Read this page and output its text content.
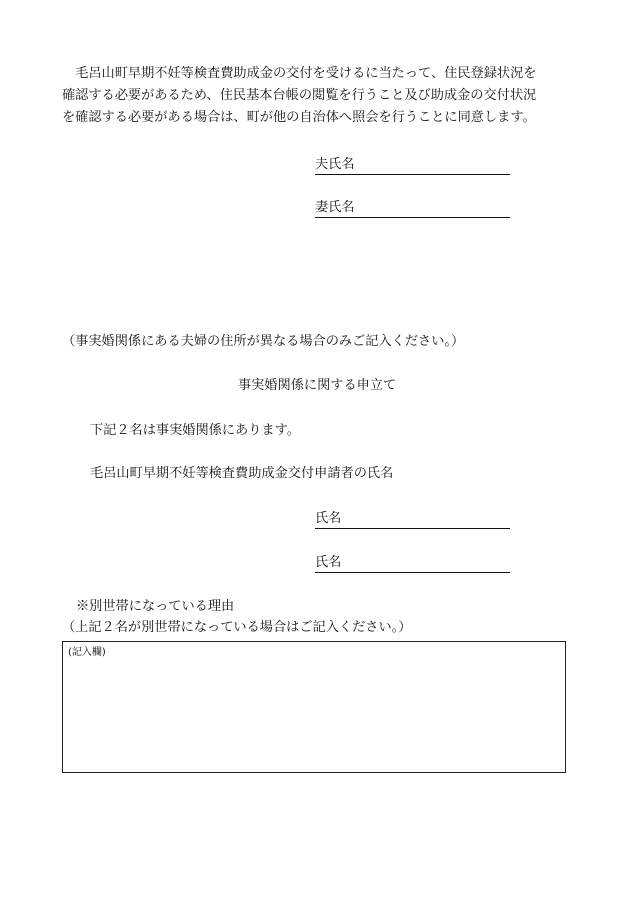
　毛呂山町早期不妊等検査費助成金の交付を受けるに当たって、住民登録状況を
確認する必要があるため、住民基本台帳の閲覧を行うこと及び助成金の交付状況
を確認する必要がある場合は、町が他の自治体へ照会を行うことに同意します。
夫氏名
妻氏名
（事実婚関係にある夫婦の住所が異なる場合のみご記入ください。）
事実婚関係に関する申立て
下記２名は事実婚関係にあります。
毛呂山町早期不妊等検査費助成金交付申請者の氏名
氏名
氏名
※別世帯になっている理由
（上記２名が別世帯になっている場合はご記入ください。）
(記入欄)
